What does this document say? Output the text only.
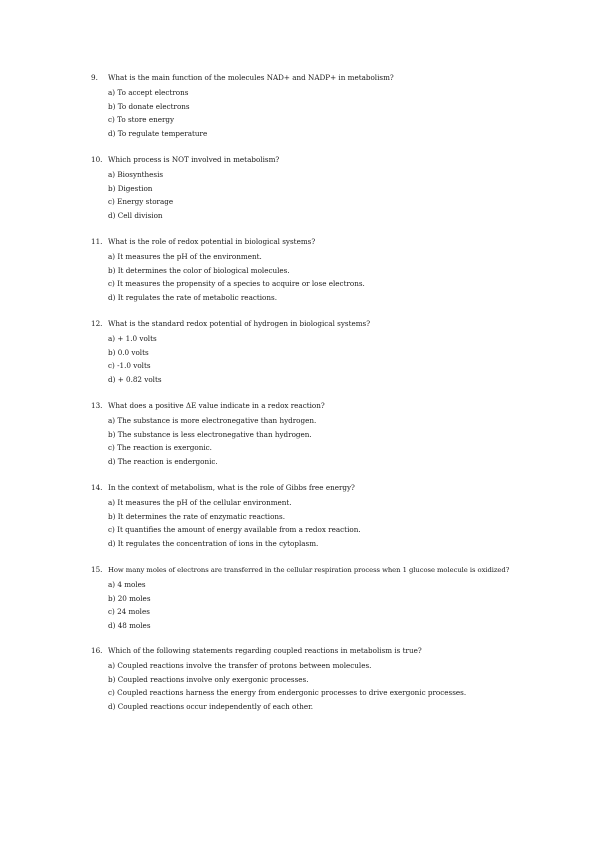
9. What is the main function of the molecules NAD+ and NADP+ in metabolism?
a) To accept electrons
b) To donate electrons
c) To store energy
d) To regulate temperature
10. Which process is NOT involved in metabolism?
a) Biosynthesis
b) Digestion
c) Energy storage
d) Cell division
11. What is the role of redox potential in biological systems?
a) It measures the pH of the environment.
b) It determines the color of biological molecules.
c) It measures the propensity of a species to acquire or lose electrons.
d) It regulates the rate of metabolic reactions.
12. What is the standard redox potential of hydrogen in biological systems?
a) + 1.0 volts
b) 0.0 volts
c) -1.0 volts
d) + 0.82 volts
13. What does a positive ΔE value indicate in a redox reaction?
a) The substance is more electronegative than hydrogen.
b) The substance is less electronegative than hydrogen.
c) The reaction is exergonic.
d) The reaction is endergonic.
14. In the context of metabolism, what is the role of Gibbs free energy?
a) It measures the pH of the cellular environment.
b) It determines the rate of enzymatic reactions.
c) It quantifies the amount of energy available from a redox reaction.
d) It regulates the concentration of ions in the cytoplasm.
15. How many moles of electrons are transferred in the cellular respiration process when 1 glucose molecule is oxidized?
a) 4 moles
b) 20 moles
c) 24 moles
d) 48 moles
16. Which of the following statements regarding coupled reactions in metabolism is true?
a) Coupled reactions involve the transfer of protons between molecules.
b) Coupled reactions involve only exergonic processes.
c) Coupled reactions harness the energy from endergonic processes to drive exergonic processes.
d) Coupled reactions occur independently of each other.
